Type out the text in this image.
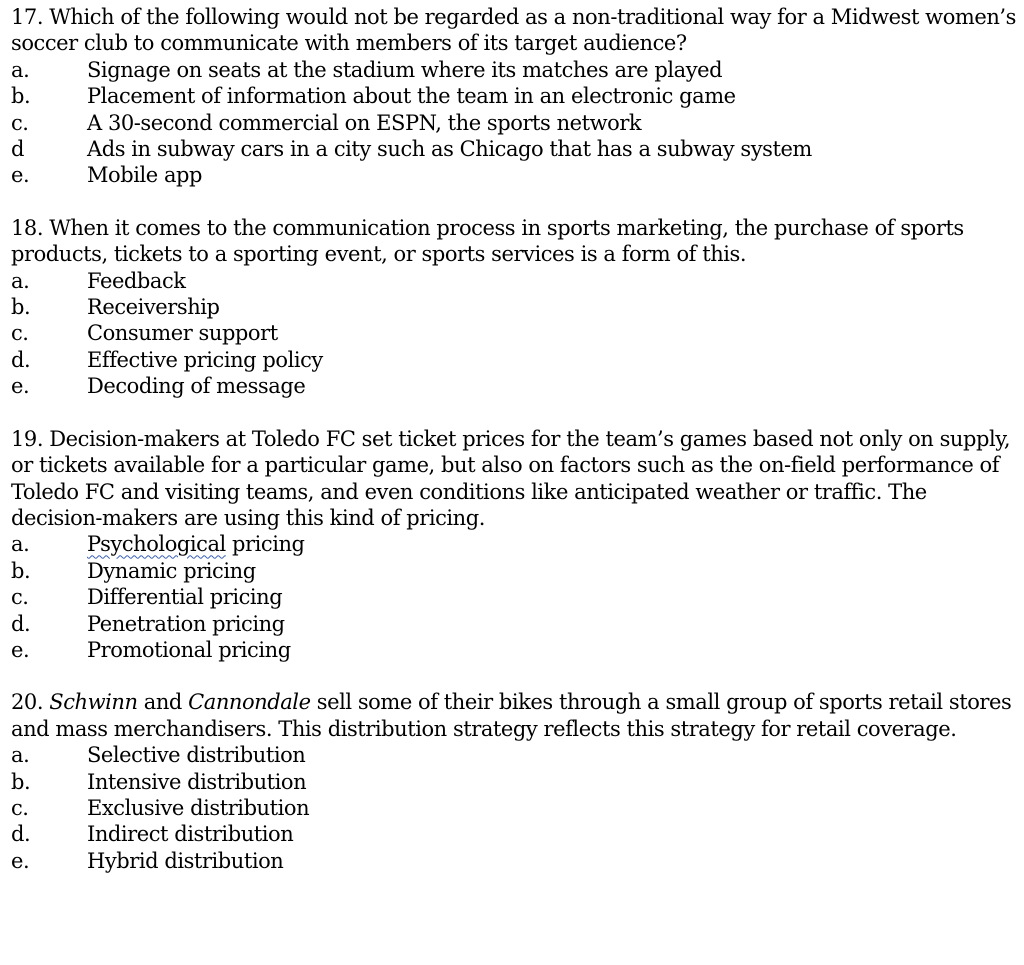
17. Which of the following would not be regarded as a non-traditional way for a Midwest women’s soccer club to communicate with members of its target audience?

a.	Signage on seats at the stadium where its matches are played
b.	Placement of information about the team in an electronic game
c.	A 30-second commercial on ESPN, the sports network
d	Ads in subway cars in a city such as Chicago that has a subway system
e.	Mobile app

18. When it comes to the communication process in sports marketing, the purchase of sports products, tickets to a sporting event, or sports services is a form of this.

a.	Feedback
b.	Receivership
c.	Consumer support
d.	Effective pricing policy
e.	Decoding of message

19. Decision-makers at Toledo FC set ticket prices for the team’s games based not only on supply, or tickets available for a particular game, but also on factors such as the on-field performance of Toledo FC and visiting teams, and even conditions like anticipated weather or traffic. The decision-makers are using this kind of pricing.

a.	Psychological pricing
b.	Dynamic pricing
c.	Differential pricing
d.	Penetration pricing
e.	Promotional pricing

20. Schwinn and Cannondale sell some of their bikes through a small group of sports retail stores and mass merchandisers. This distribution strategy reflects this strategy for retail coverage.

a.	Selective distribution
b.	Intensive distribution
c.	Exclusive distribution
d.	Indirect distribution
e.	Hybrid distribution
